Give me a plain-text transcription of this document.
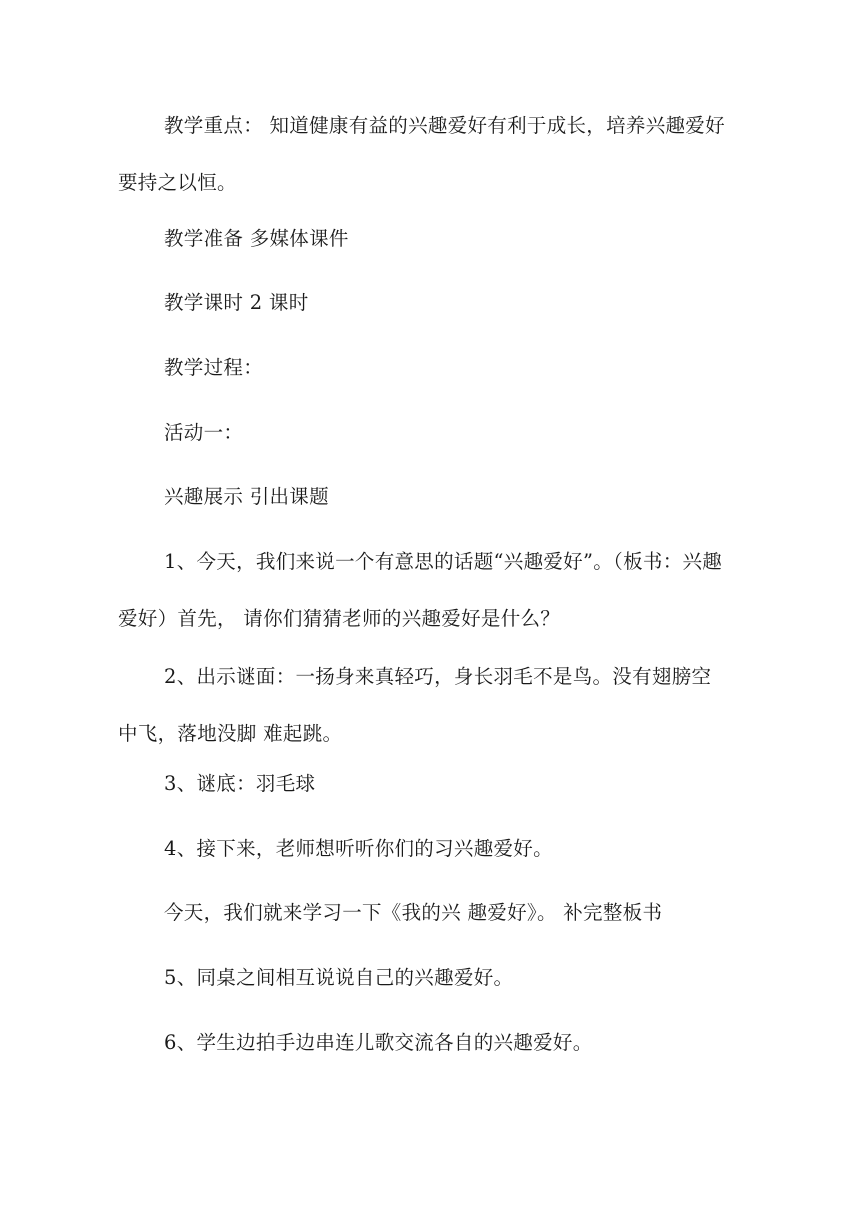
教学重点： 知道健康有益的兴趣爱好有利于成长，培养兴趣爱好要持之以恒。

教学准备 多媒体课件

教学课时 2 课时

教学过程：

活动一：

兴趣展示 引出课题

1、今天，我们来说一个有意思的话题“兴趣爱好”。（板书：兴趣爱好）首先， 请你们猜猜老师的兴趣爱好是什么？

2、出示谜面：一扬身来真轻巧，身长羽毛不是鸟。没有翅膀空中飞，落地没脚 难起跳。

3、谜底：羽毛球

4、接下来，老师想听听你们的习兴趣爱好。

今天，我们就来学习一下《我的兴 趣爱好》。 补完整板书

5、同桌之间相互说说自己的兴趣爱好。

6、学生边拍手边串连儿歌交流各自的兴趣爱好。
